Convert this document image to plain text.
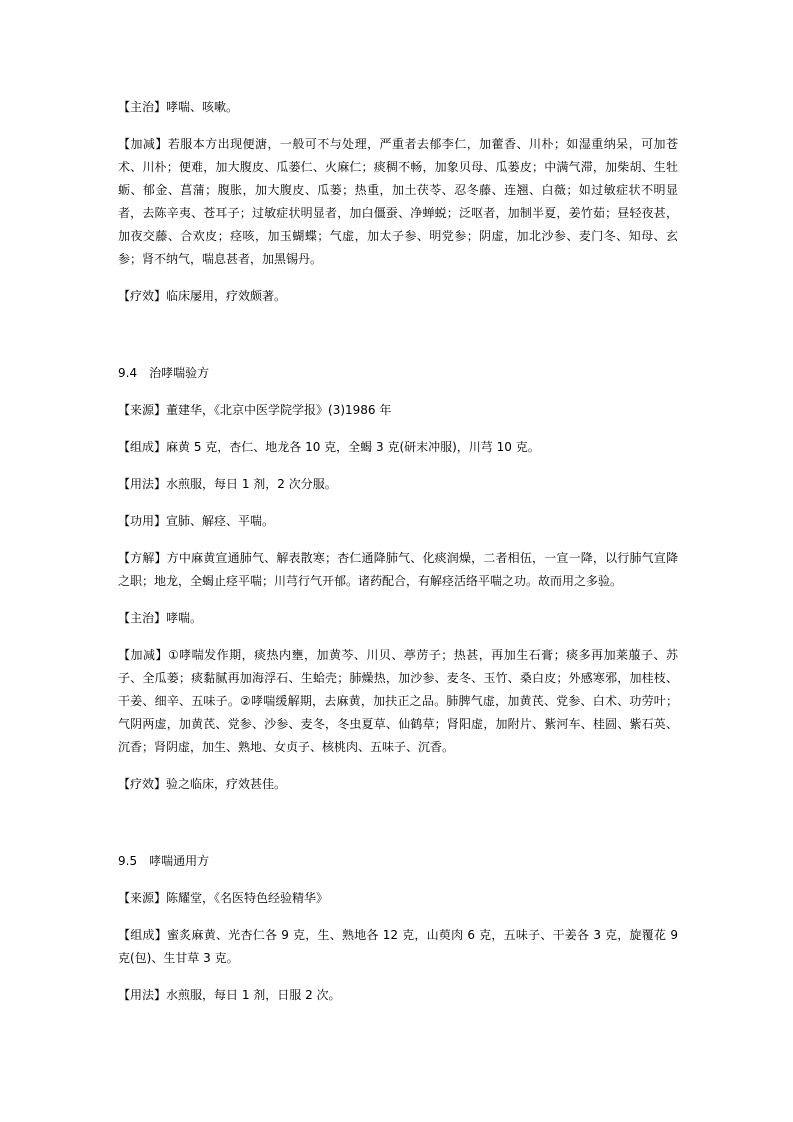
【主治】哮喘、咳嗽。

【加减】若服本方出现便溏，一般可不与处理，严重者去郁李仁，加藿香、川朴；如湿重纳呆，可加苍术、川朴；便难，加大腹皮、瓜蒌仁、火麻仁；痰稠不畅，加象贝母、瓜蒌皮；中满气滞，加柴胡、生牡蛎、郁金、菖蒲；腹胀，加大腹皮、瓜蒌；热重，加土茯苓、忍冬藤、连翘、白薇；如过敏症状不明显者，去陈辛夷、苍耳子；过敏症状明显者，加白僵蚕、净蝉蜕；泛呕者，加制半夏，姜竹茹；昼轻夜甚，加夜交藤、合欢皮；痉咳，加玉蝴蝶；气虚，加太子参、明党参；阴虚，加北沙参、麦门冬、知母、玄参；肾不纳气，喘息甚者，加黑锡丹。

【疗效】临床屡用，疗效颇著。

9.4　治哮喘验方

【来源】董建华，《北京中医学院学报》(3)1986 年

【组成】麻黄 5 克，杏仁、地龙各 10 克，全蝎 3 克(研末冲服)，川芎 10 克。

【用法】水煎服，每日 1 剂，2 次分服。

【功用】宣肺、解痉、平喘。

【方解】方中麻黄宣通肺气、解表散寒；杏仁通降肺气、化痰润燥，二者相伍，一宣一降，以行肺气宣降之职；地龙，全蝎止痉平喘；川芎行气开郁。诸药配合，有解痉活络平喘之功。故而用之多验。

【主治】哮喘。

【加减】①哮喘发作期，痰热内壅，加黄芩、川贝、葶苈子；热甚，再加生石膏；痰多再加莱菔子、苏子、全瓜蒌；痰黏腻再加海浮石、生蛤壳；肺燥热，加沙参、麦冬、玉竹、桑白皮；外感寒邪，加桂枝、干姜、细辛、五味子。②哮喘缓解期，去麻黄，加扶正之品。肺脾气虚，加黄芪、党参、白术、功劳叶；气阴两虚，加黄芪、党参、沙参、麦冬，冬虫夏草、仙鹤草；肾阳虚，加附片、紫河车、桂圆、紫石英、沉香；肾阴虚，加生、熟地、女贞子、核桃肉、五味子、沉香。

【疗效】验之临床，疗效甚佳。

9.5　哮喘通用方

【来源】陈耀堂，《名医特色经验精华》

【组成】蜜炙麻黄、光杏仁各 9 克，生、熟地各 12 克，山萸肉 6 克，五味子、干姜各 3 克，旋覆花 9 克(包)、生甘草 3 克。

【用法】水煎服，每日 1 剂，日服 2 次。
